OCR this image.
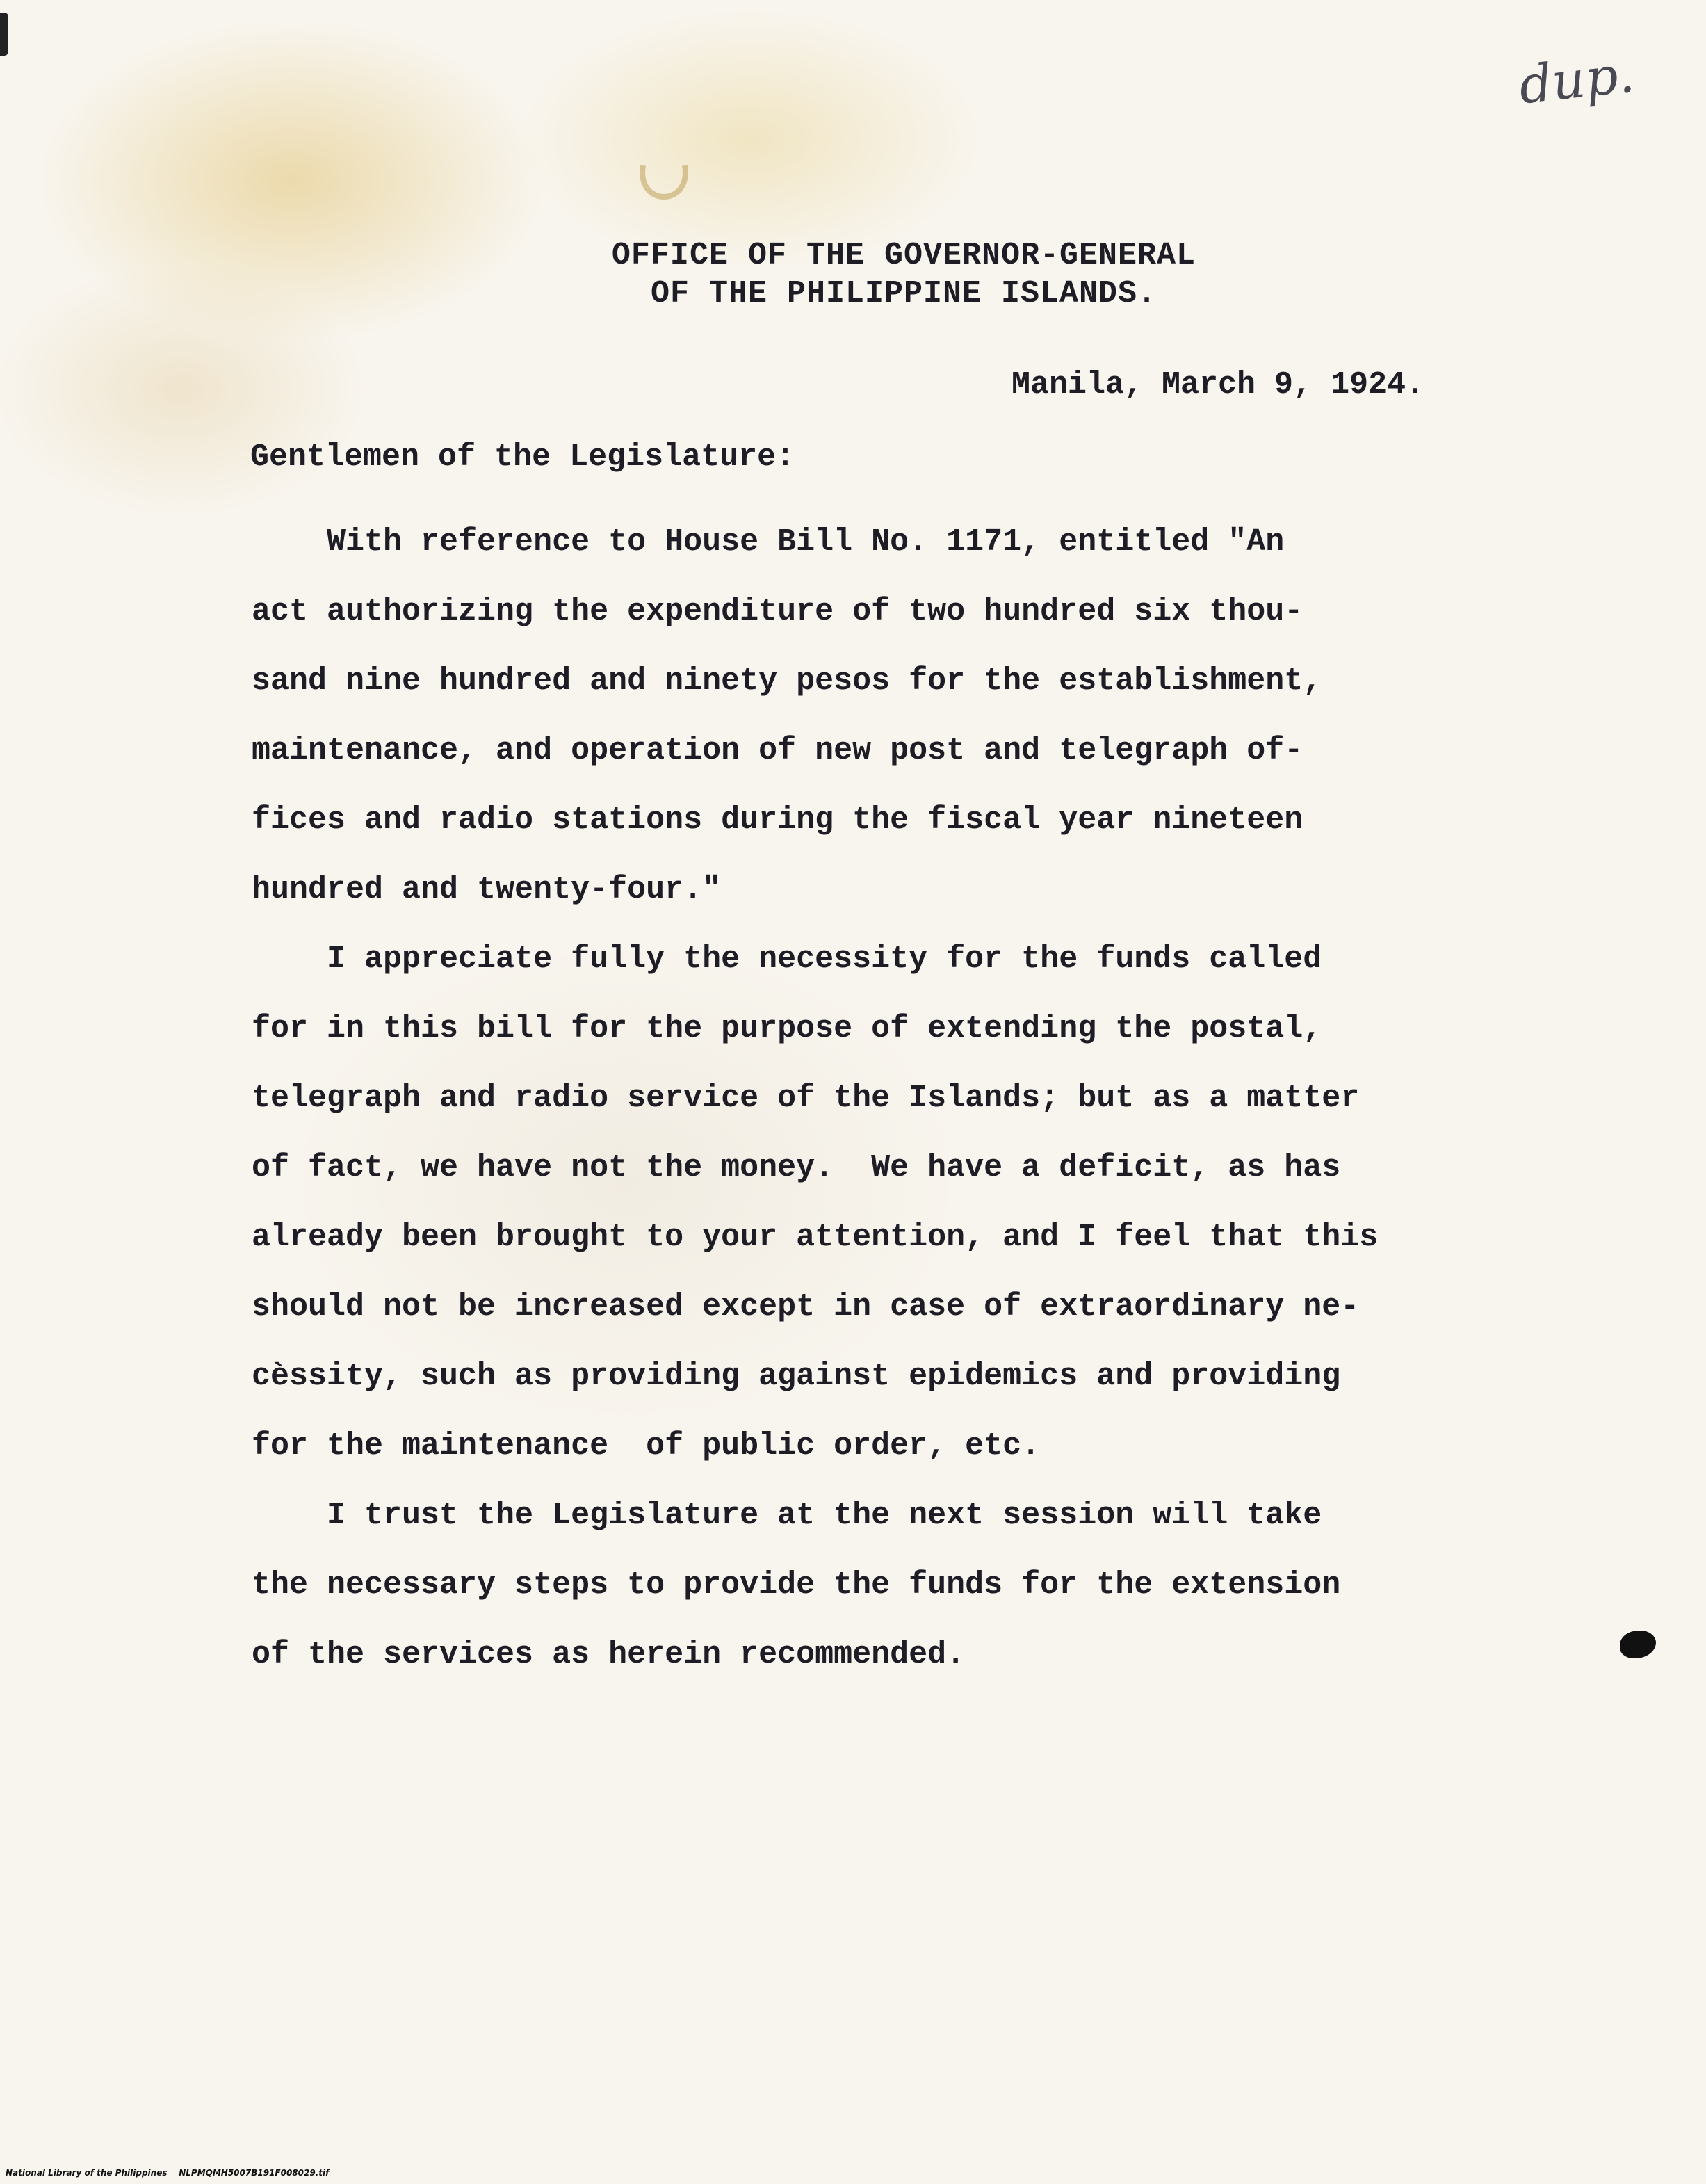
dup.
OFFICE OF THE GOVERNOR-GENERAL
OF THE PHILIPPINE ISLANDS.
Manila, March 9, 1924.
Gentlemen of the Legislature:
With reference to House Bill No. 1171, entitled "An
act authorizing the expenditure of two hundred six thou-
sand nine hundred and ninety pesos for the establishment,
maintenance, and operation of new post and telegraph of-
fices and radio stations during the fiscal year nineteen
hundred and twenty-four."
I appreciate fully the necessity for the funds called
for in this bill for the purpose of extending the postal,
telegraph and radio service of the Islands; but as a matter
of fact, we have not the money.  We have a deficit, as has
already been brought to your attention, and I feel that this
should not be increased except in case of extraordinary ne-
cèssity, such as providing against epidemics and providing
for the maintenance  of public order, etc.
I trust the Legislature at the next session will take
the necessary steps to provide the funds for the extension
of the services as herein recommended.
National Library of the Philippines NLPMQMH5007B191F008029.tif
